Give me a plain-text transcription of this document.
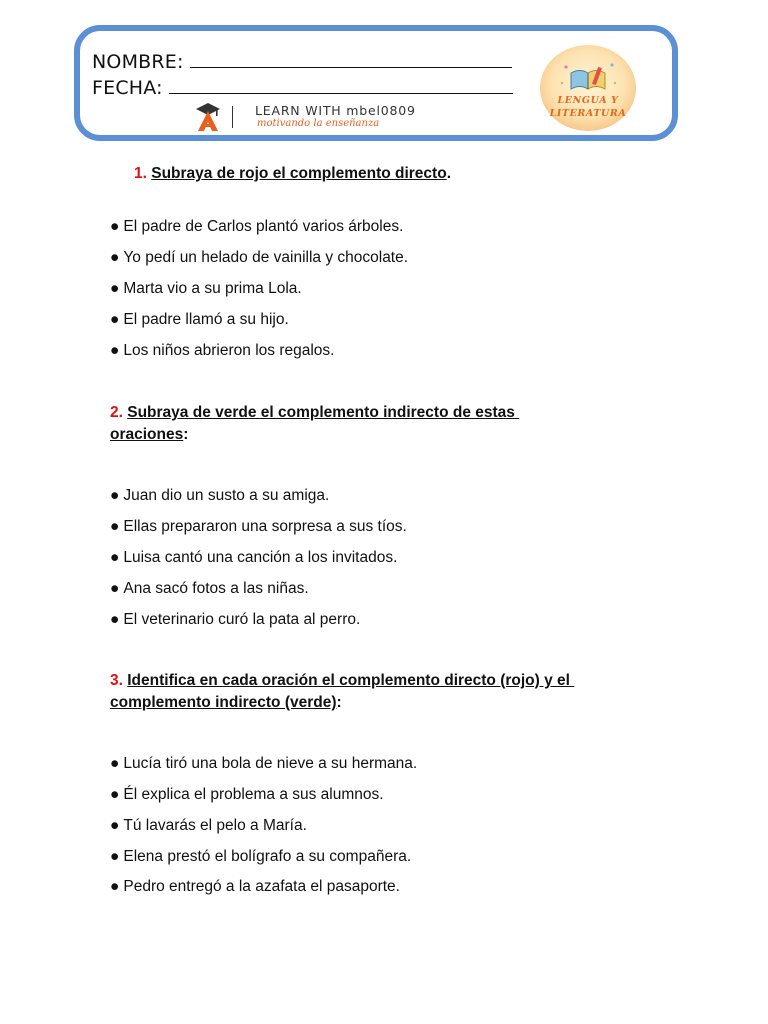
NOMBRE:
FECHA:
LEARN WITH mbel0809
motivando la enseñanza
LENGUA Y
LITERATURA
1. Subraya de rojo el complemento directo.
● El padre de Carlos plantó varios árboles.
● Yo pedí un helado de vainilla y chocolate.
● Marta vio a su prima Lola.
● El padre llamó a su hijo.
● Los niños abrieron los regalos.
2. Subraya de verde el complemento indirecto de estas
oraciones:
● Juan dio un susto a su amiga.
● Ellas prepararon una sorpresa a sus tíos.
● Luisa cantó una canción a los invitados.
● Ana sacó fotos a las niñas.
● El veterinario curó la pata al perro.
3. Identifica en cada oración el complemento directo (rojo) y el
complemento indirecto (verde):
● Lucía tiró una bola de nieve a su hermana.
● Él explica el problema a sus alumnos.
● Tú lavarás el pelo a María.
● Elena prestó el bolígrafo a su compañera.
● Pedro entregó a la azafata el pasaporte.
